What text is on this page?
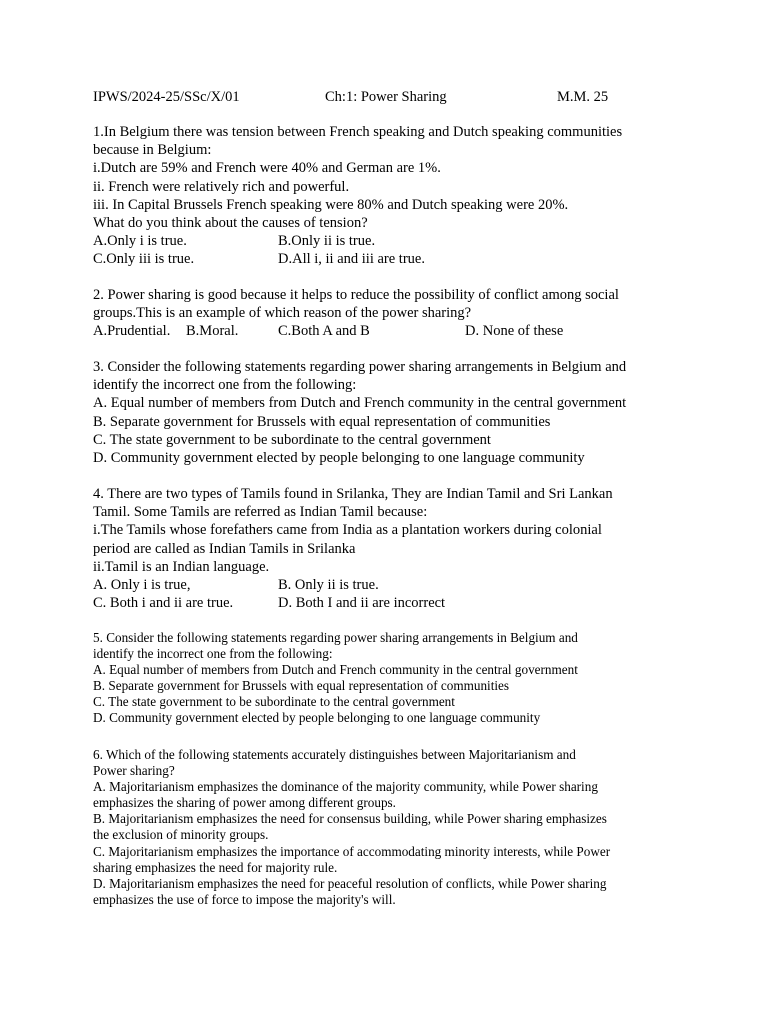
IPWS/2024-25/SSc/X/01	Ch:1: Power Sharing	M.M. 25
1.In Belgium there was tension between French speaking and Dutch speaking communities
because in Belgium:
i.Dutch are 59% and French were 40% and German are 1%.
ii. French were relatively rich and powerful.
iii. In Capital Brussels French speaking were 80% and Dutch speaking were 20%.
What do you think about the causes of tension?
A.Only i is true.	B.Only ii is true.
C.Only iii is true.	D.All i, ii and iii are true.
2. Power sharing is good because it helps to reduce the possibility of conflict among social
groups.This is an example of which reason of the power sharing?
A.Prudential. B.Moral.	C.Both A and B	D. None of these
3. Consider the following statements regarding power sharing arrangements in Belgium and
identify the incorrect one from the following:
A. Equal number of members from Dutch and French community in the central government
B. Separate government for Brussels with equal representation of communities
C. The state government to be subordinate to the central government
D. Community government elected by people belonging to one language community
4. There are two types of Tamils found in Srilanka, They are Indian Tamil and Sri Lankan
Tamil. Some Tamils are referred as Indian Tamil because:
i.The Tamils whose forefathers came from India as a plantation workers during colonial
period are called as Indian Tamils in Srilanka
ii.Tamil is an Indian language.
A. Only i is true,	B. Only ii is true.
C. Both i and ii are true.	D. Both I and ii are incorrect
5. Consider the following statements regarding power sharing arrangements in Belgium and
identify the incorrect one from the following:
A. Equal number of members from Dutch and French community in the central government
B. Separate government for Brussels with equal representation of communities
C. The state government to be subordinate to the central government
D. Community government elected by people belonging to one language community
6. Which of the following statements accurately distinguishes between Majoritarianism and
Power sharing?
A. Majoritarianism emphasizes the dominance of the majority community, while Power sharing
emphasizes the sharing of power among different groups.
B. Majoritarianism emphasizes the need for consensus building, while Power sharing emphasizes
the exclusion of minority groups.
C. Majoritarianism emphasizes the importance of accommodating minority interests, while Power
sharing emphasizes the need for majority rule.
D. Majoritarianism emphasizes the need for peaceful resolution of conflicts, while Power sharing
emphasizes the use of force to impose the majority's will.
